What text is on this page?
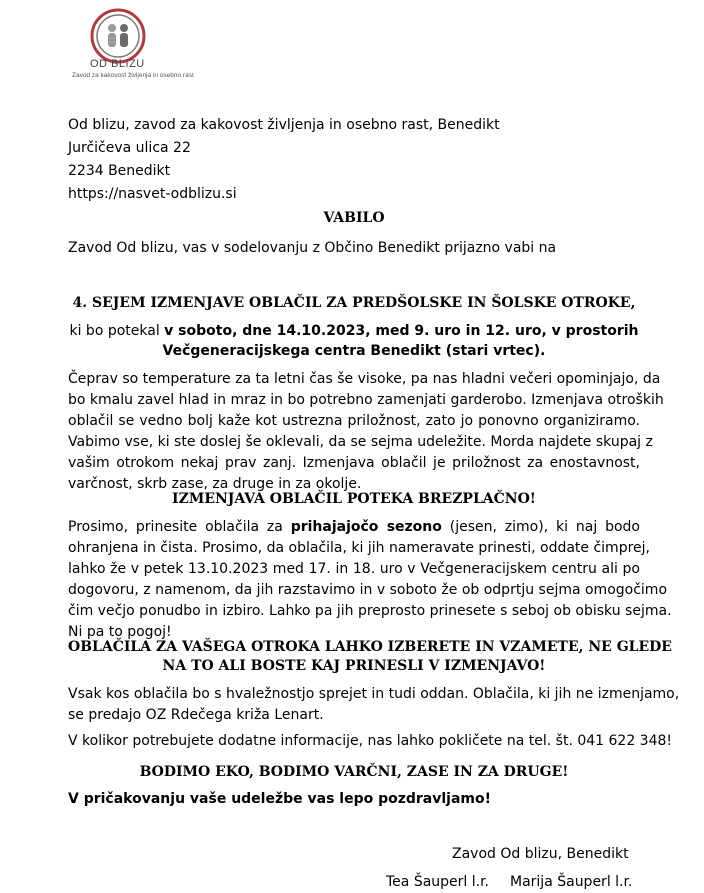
OD BLIZU
Zavod za kakovost življenja in osebno rast
Od blizu, zavod za kakovost življenja in osebno rast, Benedikt
Jurčičeva ulica 22
2234 Benedikt
https://nasvet-odblizu.si
VABILO
Zavod Od blizu, vas v sodelovanju z Občino Benedikt prijazno vabi na
4. SEJEM IZMENJAVE OBLAČIL ZA PREDŠOLSKE IN ŠOLSKE OTROKE,
ki bo potekal v soboto, dne 14.10.2023, med 9. uro in 12. uro, v prostorih
Večgeneracijskega centra Benedikt (stari vrtec).
Čeprav so temperature za ta letni čas še visoke, pa nas hladni večeri opominjajo, da
bo kmalu zavel hlad in mraz in bo potrebno zamenjati garderobo. Izmenjava otroških
oblačil se vedno bolj kaže kot ustrezna priložnost, zato jo ponovno organiziramo.
Vabimo vse, ki ste doslej še oklevali, da se sejma udeležite. Morda najdete skupaj z
vašim otrokom nekaj prav zanj. Izmenjava oblačil je priložnost za enostavnost,
varčnost, skrb zase, za druge in za okolje.
IZMENJAVA OBLAČIL POTEKA BREZPLAČNO!
Prosimo, prinesite oblačila za prihajajočo sezono (jesen, zimo), ki naj bodo
ohranjena in čista. Prosimo, da oblačila, ki jih nameravate prinesti, oddate čimprej,
lahko že v petek 13.10.2023 med 17. in 18. uro v Večgeneracijskem centru ali po
dogovoru, z namenom, da jih razstavimo in v soboto že ob odprtju sejma omogočimo
čim večjo ponudbo in izbiro. Lahko pa jih preprosto prinesete s seboj ob obisku sejma.
Ni pa to pogoj!
OBLAČILA ZA VAŠEGA OTROKA LAHKO IZBERETE IN VZAMETE, NE GLEDE
NA TO ALI BOSTE KAJ PRINESLI V IZMENJAVO!
Vsak kos oblačila bo s hvaležnostjo sprejet in tudi oddan. Oblačila, ki jih ne izmenjamo,
se predajo OZ Rdečega križa Lenart.
V kolikor potrebujete dodatne informacije, nas lahko pokličete na tel. št. 041 622 348!
BODIMO EKO, BODIMO VARČNI, ZASE IN ZA DRUGE!
V pričakovanju vaše udeležbe vas lepo pozdravljamo!
Zavod Od blizu, Benedikt
Tea Šauperl l.r. Marija Šauperl l.r.
